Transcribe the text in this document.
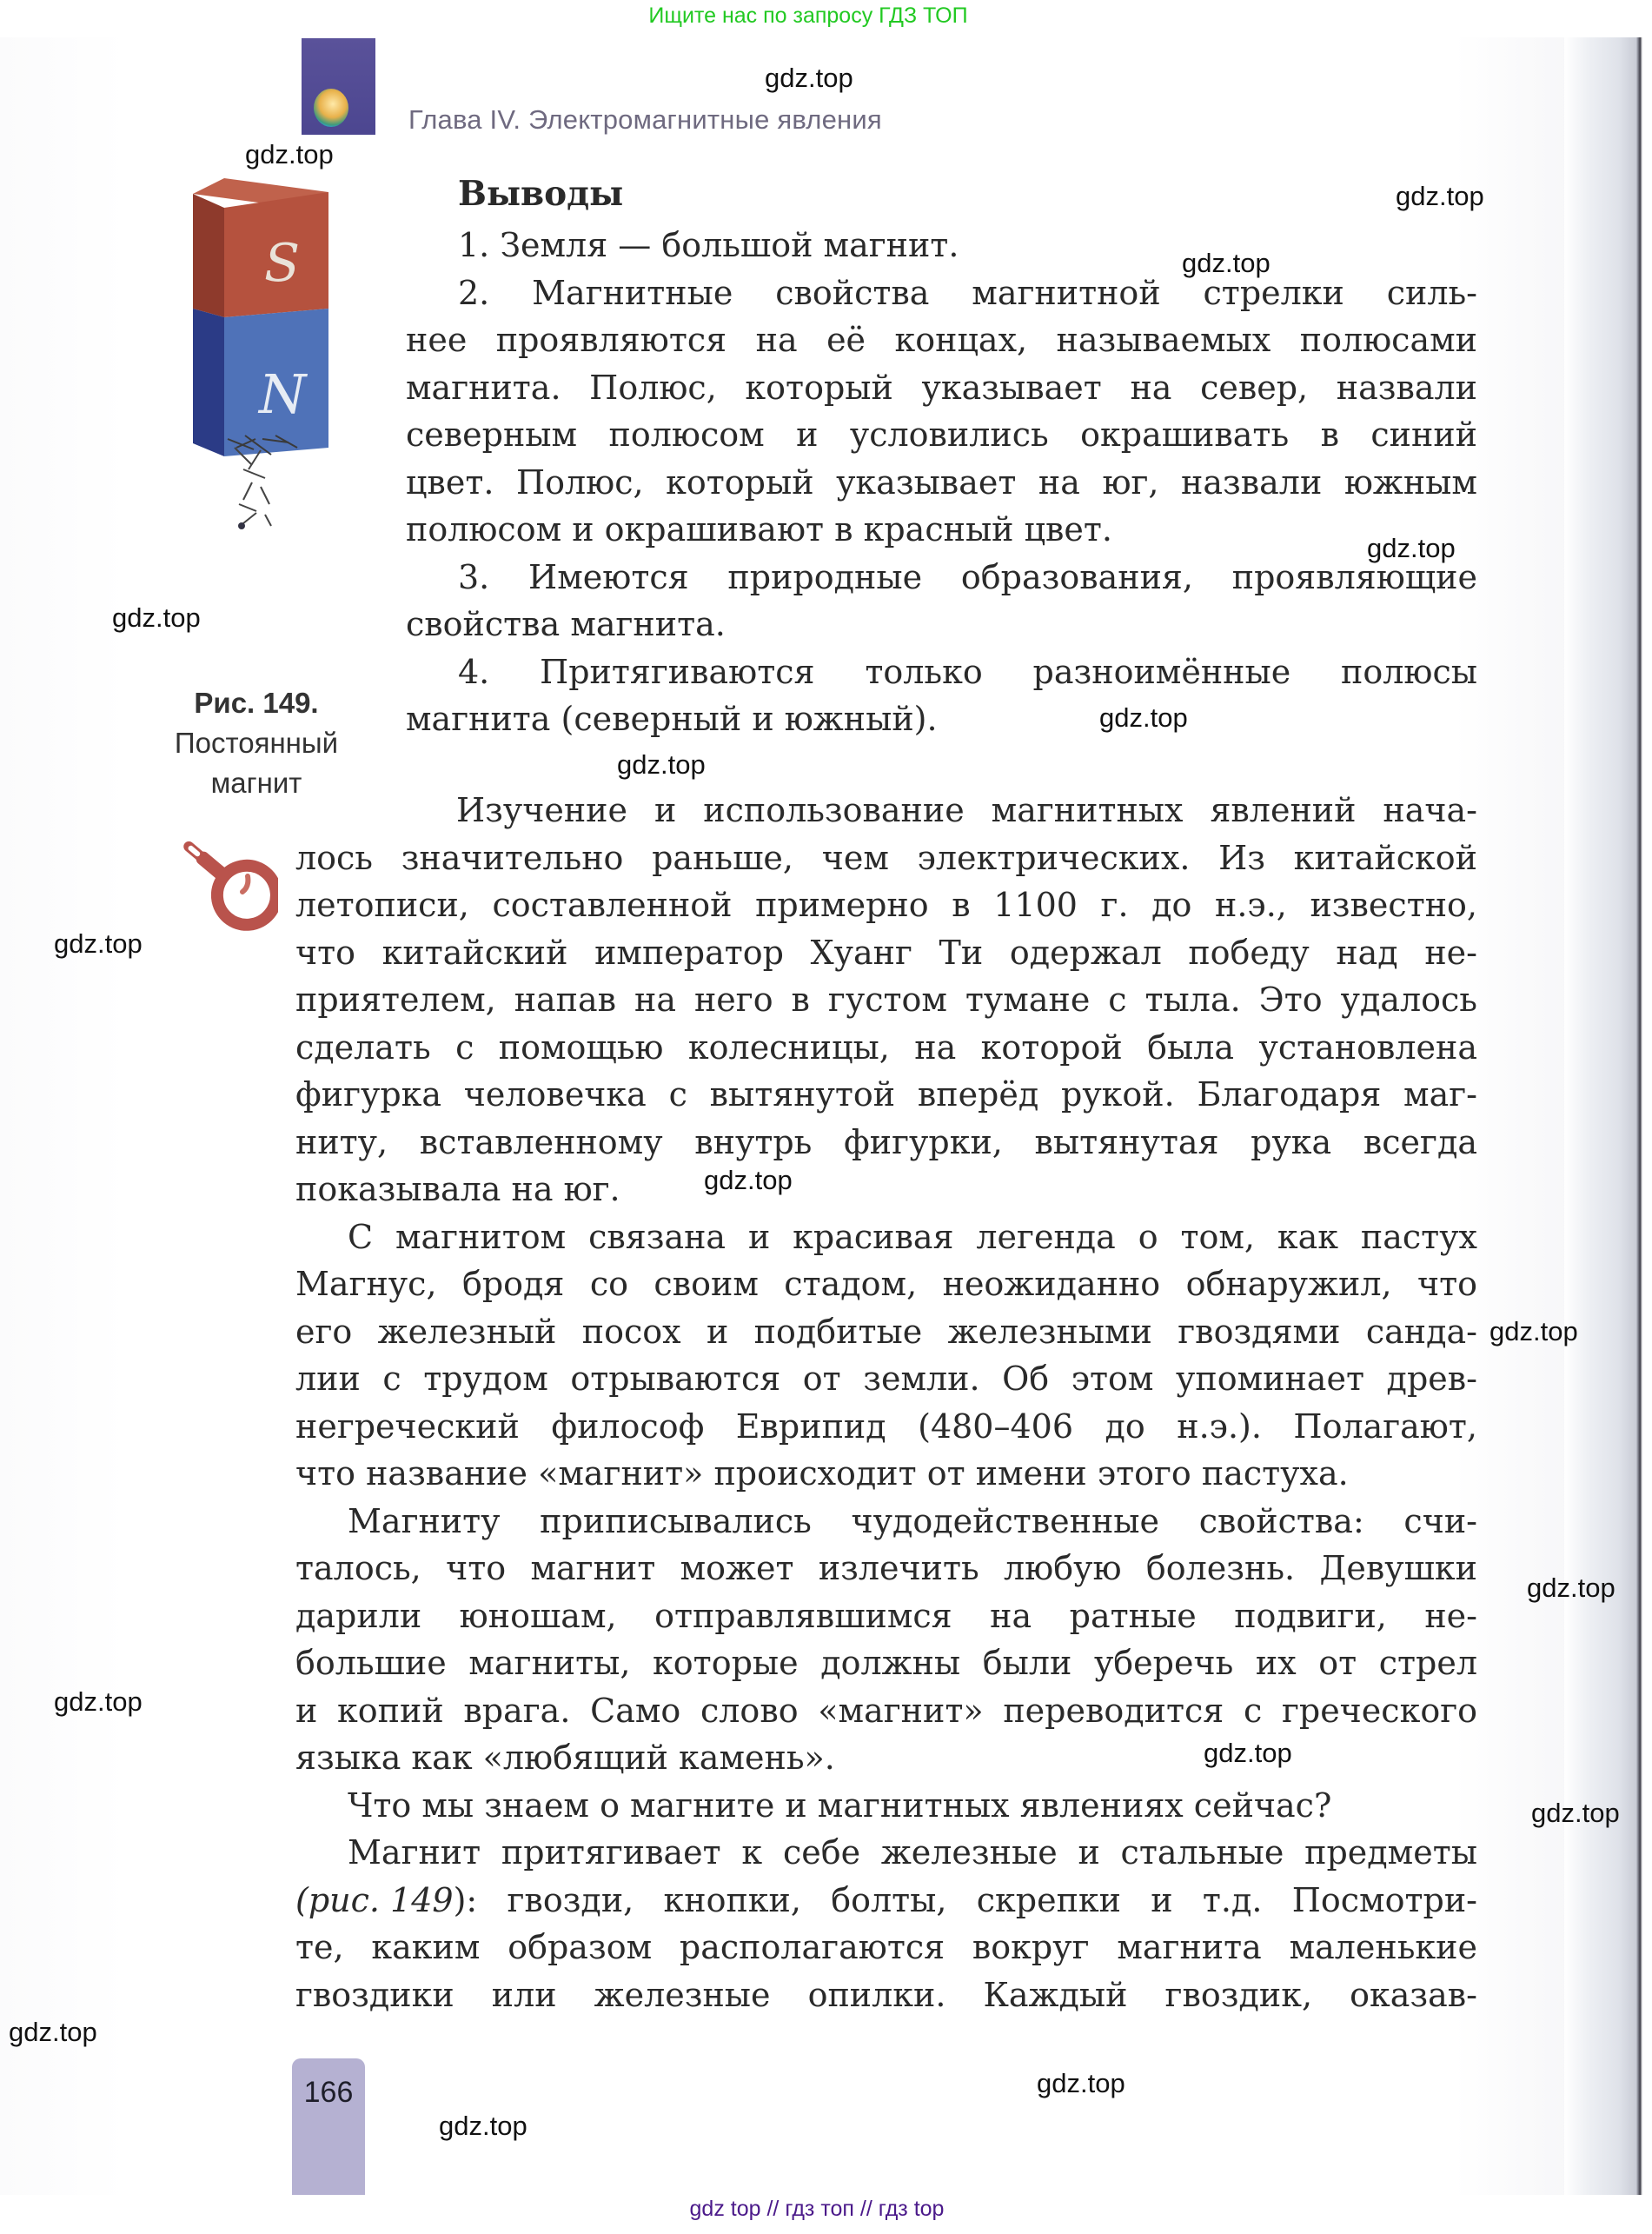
Ищите нас по запросу ГДЗ ТОП
Глава IV. Электромагнитные явления
S
N
Рис. 149.
Постоянный
магнит
Выводы
1. Земля — большой магнит.
2. Магнитные свойства магнитной стрелки силь-
нее проявляются на её концах, называемых полюсами
магнита. Полюс, который указывает на север, назвали
северным полюсом и условились окрашивать в синий
цвет. Полюс, который указывает на юг, назвали южным
полюсом и окрашивают в красный цвет.
3. Имеются природные образования, проявляющие
свойства магнита.
4. Притягиваются только разноимённые полюсы
магнита (северный и южный).
Изучение и использование магнитных явлений нача-
лось значительно раньше, чем электрических. Из китайской
летописи, составленной примерно в 1100 г. до н.э., известно,
что китайский император Хуанг Ти одержал победу над не-
приятелем, напав на него в густом тумане с тыла. Это удалось
сделать с помощью колесницы, на которой была установлена
фигурка человечка с вытянутой вперёд рукой. Благодаря маг-
ниту, вставленному внутрь фигурки, вытянутая рука всегда
показывала на юг.
С магнитом связана и красивая легенда о том, как пастух
Магнус, бродя со своим стадом, неожиданно обнаружил, что
его железный посох и подбитые железными гвоздями санда-
лии с трудом отрываются от земли. Об этом упоминает древ-
негреческий философ Еврипид (480–406 до н.э.). Полагают,
что название «магнит» происходит от имени этого пастуха.
Магниту приписывались чудодейственные свойства: счи-
талось, что магнит может излечить любую болезнь. Девушки
дарили юношам, отправлявшимся на ратные подвиги, не-
большие магниты, которые должны были уберечь их от стрел
и копий врага. Само слово «магнит» переводится с греческого
языка как «любящий камень».
Что мы знаем о магните и магнитных явлениях сейчас?
Магнит притягивает к себе железные и стальные предметы
(рис. 149 ): гвозди, кнопки, болты, скрепки и т.д. Посмотри-
те, каким образом располагаются вокруг магнита маленькие
гвоздики или железные опилки. Каждый гвоздик, оказав-
166
gdz.top
gdz.top
gdz.top
gdz.top
gdz.top
gdz.top
gdz.top
gdz.top
gdz.top
gdz.top
gdz.top
gdz.top
gdz.top
gdz.top
gdz.top
gdz.top
gdz.top
gdz.top
gdz top // гдз топ // гдз top
